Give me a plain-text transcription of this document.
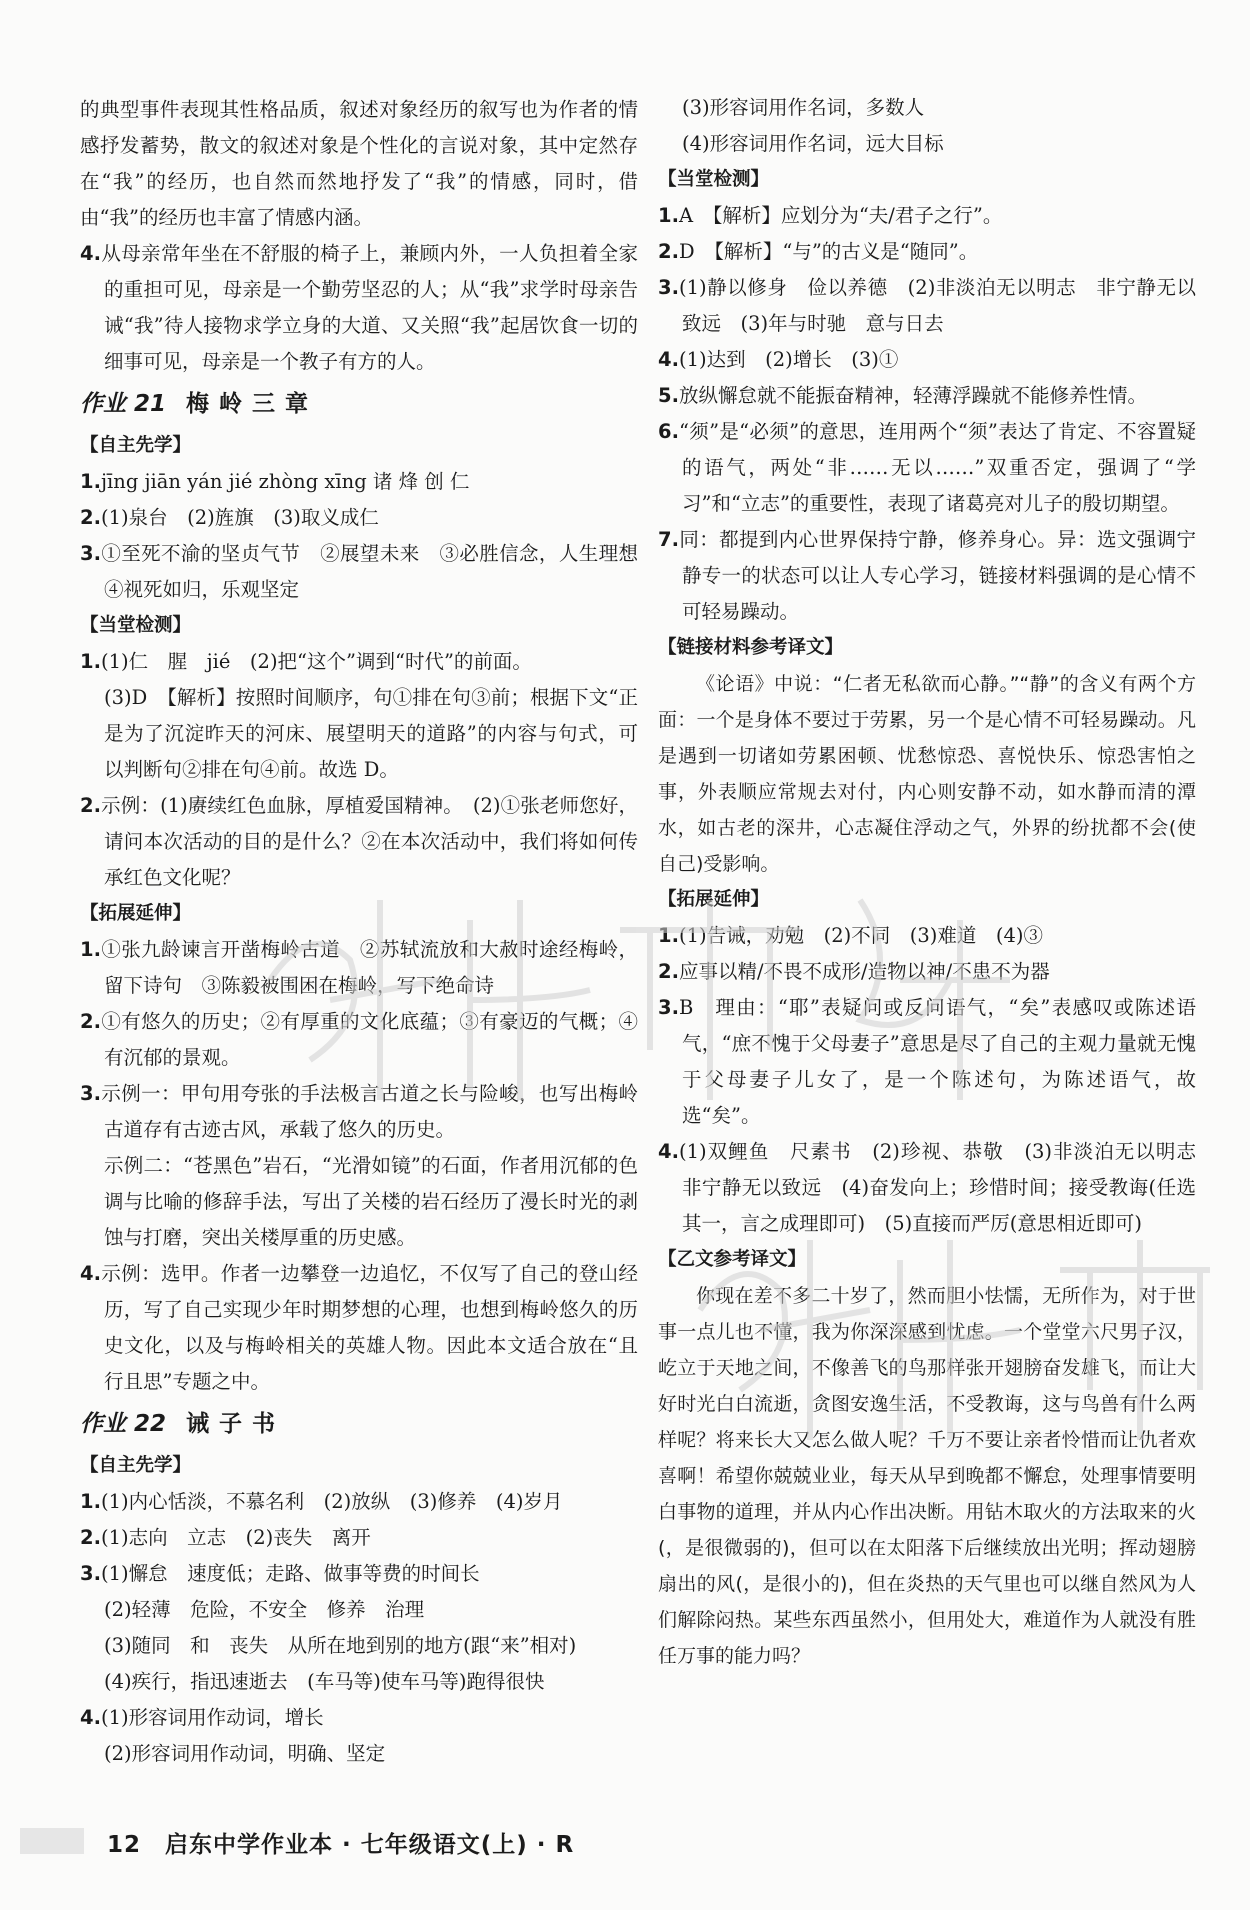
的典型事件表现其性格品质，叙述对象经历的叙写也为作者的情感抒发蓄势，散文的叙述对象是个性化的言说对象，其中定然存在“我”的经历，也自然而然地抒发了“我”的情感，同时，借由“我”的经历也丰富了情感内涵。

4.从母亲常年坐在不舒服的椅子上，兼顾内外，一人负担着全家的重担可见，母亲是一个勤劳坚忍的人；从“我”求学时母亲告诫“我”待人接物求学立身的大道、又关照“我”起居饮食一切的细事可见，母亲是一个教子有方的人。

作业 21 梅岭三章
【自主先学】

1.jīng jiān yán jié zhòng xīng 诸 烽 创 仁

2.(1)泉台　(2)旌旗　(3)取义成仁

3.①至死不渝的坚贞气节　②展望未来　③必胜信念，人生理想　④视死如归，乐观坚定

【当堂检测】

1.(1)仁　腥　jié　(2)把“这个”调到“时代”的前面。

(3)D　【解析】按照时间顺序，句①排在句③前；根据下文“正是为了沉淀昨天的河床、展望明天的道路”的内容与句式，可以判断句②排在句④前。故选 D。

2.示例：(1)赓续红色血脉，厚植爱国精神。　(2)①张老师您好，请问本次活动的目的是什么？②在本次活动中，我们将如何传承红色文化呢？

【拓展延伸】

1.①张九龄谏言开凿梅岭古道　②苏轼流放和大赦时途经梅岭，留下诗句　③陈毅被围困在梅岭，写下绝命诗

2.①有悠久的历史；②有厚重的文化底蕴；③有豪迈的气概；④有沉郁的景观。

3.示例一：甲句用夸张的手法极言古道之长与险峻，也写出梅岭古道存有古迹古风，承载了悠久的历史。

示例二：“苍黑色”岩石，“光滑如镜”的石面，作者用沉郁的色调与比喻的修辞手法，写出了关楼的岩石经历了漫长时光的剥蚀与打磨，突出关楼厚重的历史感。

4.示例：选甲。作者一边攀登一边追忆，不仅写了自己的登山经历，写了自己实现少年时期梦想的心理，也想到梅岭悠久的历史文化，以及与梅岭相关的英雄人物。因此本文适合放在“且行且思”专题之中。

作业 22 诫子书
【自主先学】

1.(1)内心恬淡，不慕名利　(2)放纵　(3)修养　(4)岁月

2.(1)志向　立志　(2)丧失　离开

3.(1)懈怠　速度低；走路、做事等费的时间长

(2)轻薄　危险，不安全　修养　治理

(3)随同　和　丧失　从所在地到别的地方(跟“来”相对)

(4)疾行，指迅速逝去　(车马等)使车马等)跑得很快

4.(1)形容词用作动词，增长

(2)形容词用作动词，明确、坚定

(3)形容词用作名词，多数人

(4)形容词用作名词，远大目标

【当堂检测】

1.A　【解析】应划分为“夫/君子之行”。

2.D　【解析】“与”的古义是“随同”。

3.(1)静以修身　俭以养德　(2)非淡泊无以明志　非宁静无以致远　(3)年与时驰　意与日去

4.(1)达到　(2)增长　(3)①

5.放纵懈怠就不能振奋精神，轻薄浮躁就不能修养性情。

6.“须”是“必须”的意思，连用两个“须”表达了肯定、不容置疑的语气，两处“非……无以……”双重否定，强调了“学习”和“立志”的重要性，表现了诸葛亮对儿子的殷切期望。

7.同：都提到内心世界保持宁静，修养身心。异：选文强调宁静专一的状态可以让人专心学习，链接材料强调的是心情不可轻易躁动。

【链接材料参考译文】

《论语》中说：“仁者无私欲而心静。”“静”的含义有两个方面：一个是身体不要过于劳累，另一个是心情不可轻易躁动。凡是遇到一切诸如劳累困顿、忧愁惊恐、喜悦快乐、惊恐害怕之事，外表顺应常规去对付，内心则安静不动，如水静而清的潭水，如古老的深井，心志凝住浮动之气，外界的纷扰都不会(使自己)受影响。

【拓展延伸】

1.(1)告诫，劝勉　(2)不同　(3)难道　(4)③

2.应事以精/不畏不成形/造物以神/不患不为器

3.B　理由：“耶”表疑问或反问语气，“矣”表感叹或陈述语气，“庶不愧于父母妻子”意思是尽了自己的主观力量就无愧于父母妻子儿女了，是一个陈述句，为陈述语气，故选“矣”。

4.(1)双鲤鱼　尺素书　(2)珍视、恭敬　(3)非淡泊无以明志　非宁静无以致远　(4)奋发向上；珍惜时间；接受教诲(任选其一，言之成理即可)　(5)直接而严厉(意思相近即可)

【乙文参考译文】

你现在差不多二十岁了，然而胆小怯懦，无所作为，对于世事一点儿也不懂，我为你深深感到忧虑。一个堂堂六尺男子汉，屹立于天地之间，不像善飞的鸟那样张开翅膀奋发雄飞，而让大好时光白白流逝，贪图安逸生活，不受教诲，这与鸟兽有什么两样呢？将来长大又怎么做人呢？千万不要让亲者怜惜而让仇者欢喜啊！希望你兢兢业业，每天从早到晚都不懈怠，处理事情要明白事物的道理，并从内心作出决断。用钻木取火的方法取来的火(，是很微弱的)，但可以在太阳落下后继续放出光明；挥动翅膀扇出的风(，是很小的)，但在炎热的天气里也可以继自然风为人们解除闷热。某些东西虽然小，但用处大，难道作为人就没有胜任万事的能力吗？

12　 启东中学作业本 · 七年级语文(上) · R
